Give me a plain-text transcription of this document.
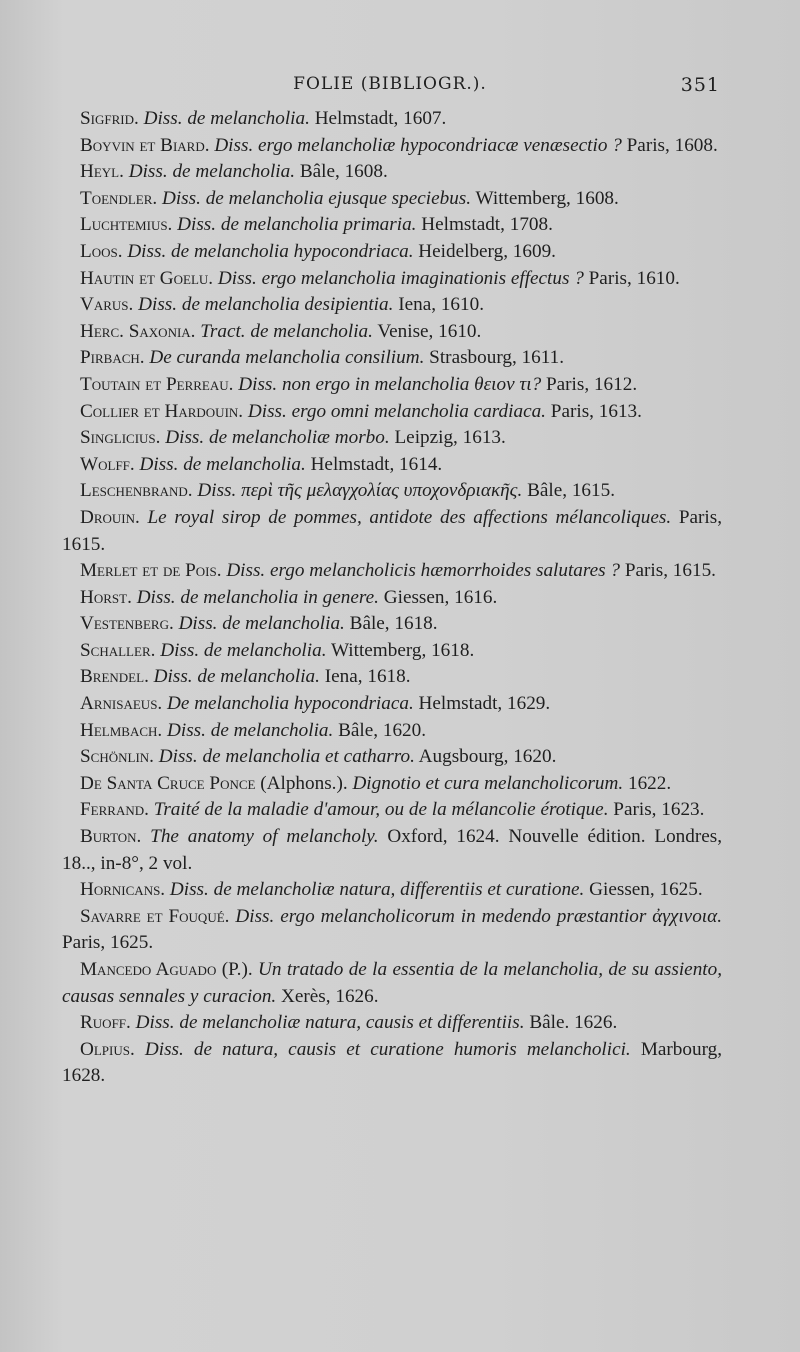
FOLIE (BIBLIOGR.).	351

Sigfrid. Diss. de melancholia. Helmstadt, 1607.

Boyvin et Biard. Diss. ergo melancholiæ hypocondriacæ venæsectio ? Paris, 1608.

Heyl. Diss. de melancholia. Bâle, 1608.

Toendler. Diss. de melancholia ejusque speciebus. Wittemberg, 1608.

Luchtemius. Diss. de melancholia primaria. Helmstadt, 1708.

Loos. Diss. de melancholia hypocondriaca. Heidelberg, 1609.

Hautin et Goelu. Diss. ergo melancholia imaginationis effectus ? Paris, 1610.

Varus. Diss. de melancholia desipientia. Iena, 1610.

Herc. Saxonia. Tract. de melancholia. Venise, 1610.

Pirbach. De curanda melancholia consilium. Strasbourg, 1611.

Toutain et Perreau. Diss. non ergo in melancholia θειον τι? Paris, 1612.

Collier et Hardouin. Diss. ergo omni melancholia cardiaca. Paris, 1613.

Singlicius. Diss. de melancholiæ morbo. Leipzig, 1613.

Wolff. Diss. de melancholia. Helmstadt, 1614.

Leschenbrand. Diss. περὶ τῆς μελαγχολίας υποχονδριακῆς. Bâle, 1615.

Drouin. Le royal sirop de pommes, antidote des affections mélancoliques. Paris, 1615.

Merlet et de Pois. Diss. ergo melancholicis hæmorrhoides salutares ? Paris, 1615.

Horst. Diss. de melancholia in genere. Giessen, 1616.

Vestenberg. Diss. de melancholia. Bâle, 1618.

Schaller. Diss. de melancholia. Wittemberg, 1618.

Brendel. Diss. de melancholia. Iena, 1618.

Arnisaeus. De melancholia hypocondriaca. Helmstadt, 1629.

Helmbach. Diss. de melancholia. Bâle, 1620.

Schönlin. Diss. de melancholia et catharro. Augsbourg, 1620.

De Santa Cruce Ponce (Alphons.). Dignotio et cura melancholicorum. 1622.

Ferrand. Traité de la maladie d'amour, ou de la mélancolie érotique. Paris, 1623.

Burton. The anatomy of melancholy. Oxford, 1624. Nouvelle édition. Londres, 18.., in-8°, 2 vol.

Hornicans. Diss. de melancholiæ natura, differentiis et curatione. Giessen, 1625.

Savarre et Fouqué. Diss. ergo melancholicorum in medendo præstantior ἀγχινοια. Paris, 1625.

Mancedo Aguado (P.). Un tratado de la essentia de la melancholia, de su assiento, causas sennales y curacion. Xerès, 1626.

Ruoff. Diss. de melancholiæ natura, causis et differentiis. Bâle. 1626.

Olpius. Diss. de natura, causis et curatione humoris melancholici. Marbourg, 1628.
